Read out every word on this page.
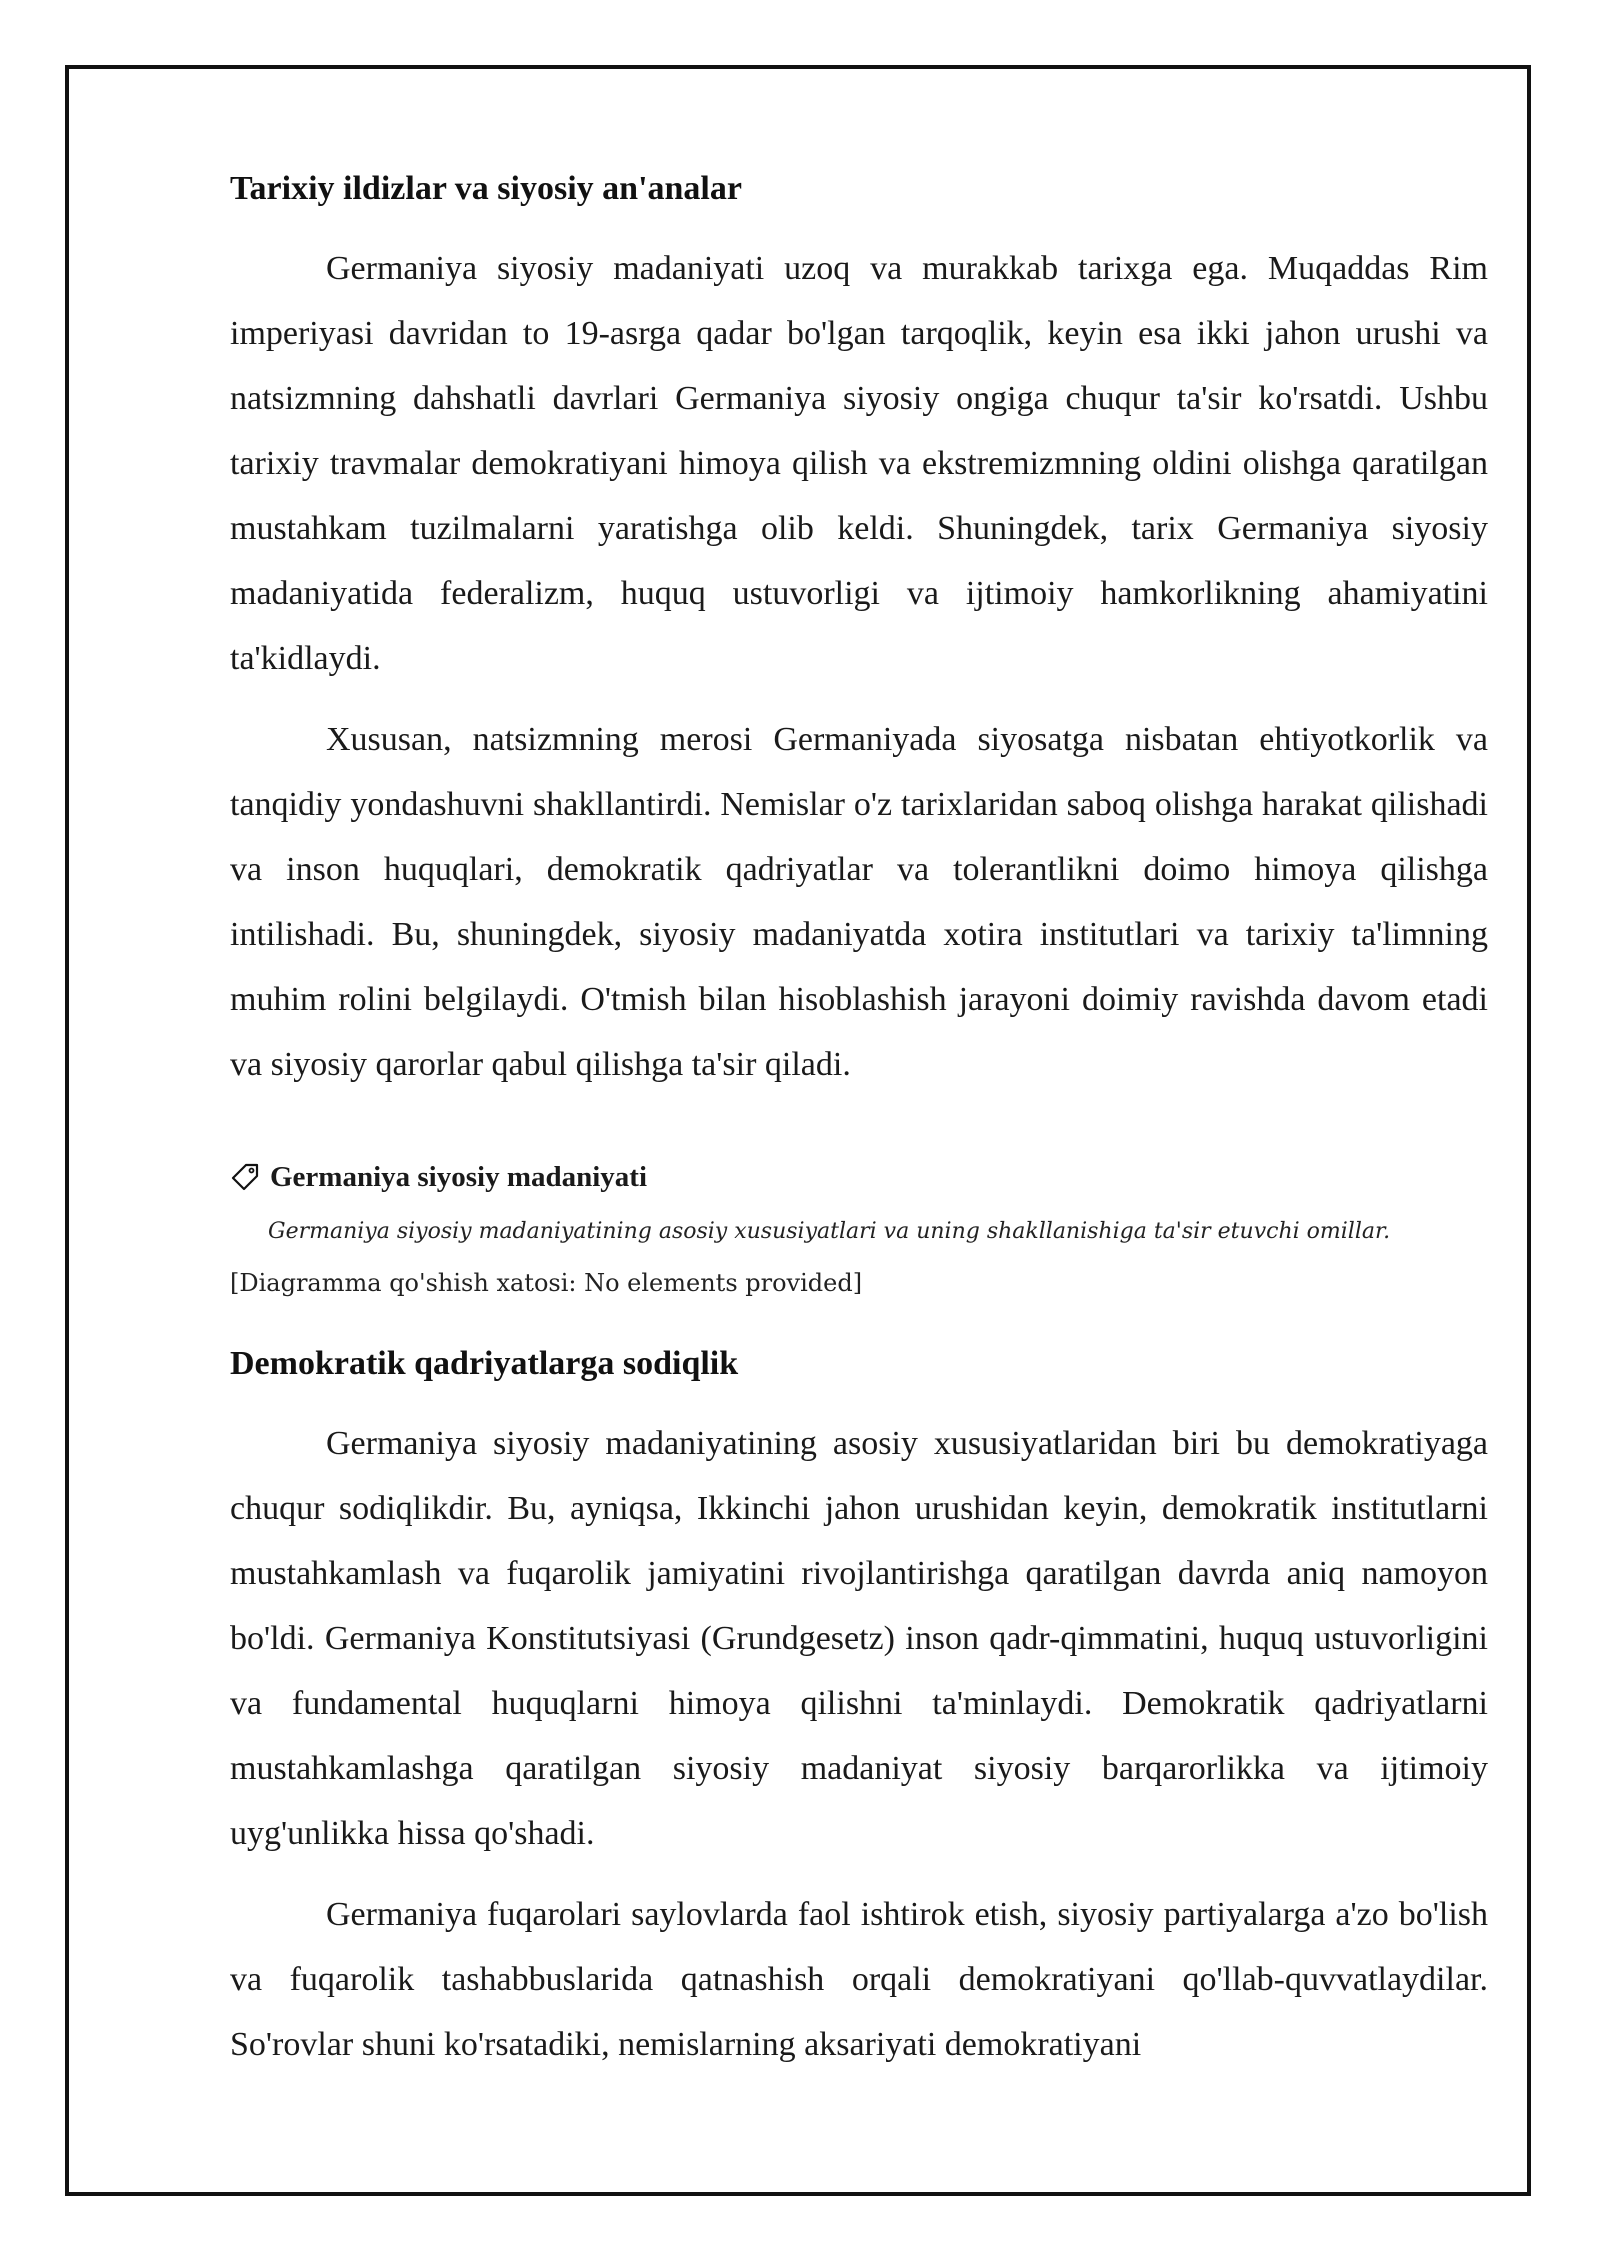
Tarixiy ildizlar va siyosiy an'analar

Germaniya siyosiy madaniyati uzoq va murakkab tarixga ega. Muqaddas Rim imperiyasi davridan to 19-asrga qadar bo'lgan tarqoqlik, keyin esa ikki jahon urushi va natsizmning dahshatli davrlari Germaniya siyosiy ongiga chuqur ta'sir ko'rsatdi. Ushbu tarixiy travmalar demokratiyani himoya qilish va ekstremizmning oldini olishga qaratilgan mustahkam tuzilmalarni yaratishga olib keldi. Shuningdek, tarix Germaniya siyosiy madaniyatida federalizm, huquq ustuvorligi va ijtimoiy hamkorlikning ahamiyatini ta'kidlaydi.

Xususan, natsizmning merosi Germaniyada siyosatga nisbatan ehtiyotkorlik va tanqidiy yondashuvni shakllantirdi. Nemislar o'z tarixlaridan saboq olishga harakat qilishadi va inson huquqlari, demokratik qadriyatlar va tolerantlikni doimo himoya qilishga intilishadi. Bu, shuningdek, siyosiy madaniyatda xotira institutlari va tarixiy ta'limning muhim rolini belgilaydi. O'tmish bilan hisoblashish jarayoni doimiy ravishda davom etadi va siyosiy qarorlar qabul qilishga ta'sir qiladi.

Germaniya siyosiy madaniyati
Germaniya siyosiy madaniyatining asosiy xususiyatlari va uning shakllanishiga ta'sir etuvchi omillar.
[Diagramma qo'shish xatosi: No elements provided]
Demokratik qadriyatlarga sodiqlik

Germaniya siyosiy madaniyatining asosiy xususiyatlaridan biri bu demokratiyaga chuqur sodiqlikdir. Bu, ayniqsa, Ikkinchi jahon urushidan keyin, demokratik institutlarni mustahkamlash va fuqarolik jamiyatini rivojlantirishga qaratilgan davrda aniq namoyon bo'ldi. Germaniya Konstitutsiyasi (Grundgesetz) inson qadr-qimmatini, huquq ustuvorligini va fundamental huquqlarni himoya qilishni ta'minlaydi. Demokratik qadriyatlarni mustahkamlashga qaratilgan siyosiy madaniyat siyosiy barqarorlikka va ijtimoiy uyg'unlikka hissa qo'shadi.

Germaniya fuqarolari saylovlarda faol ishtirok etish, siyosiy partiyalarga a'zo bo'lish va fuqarolik tashabbuslarida qatnashish orqali demokratiyani qo'llab-quvvatlaydilar. So'rovlar shuni ko'rsatadiki, nemislarning aksariyati demokratiyani
